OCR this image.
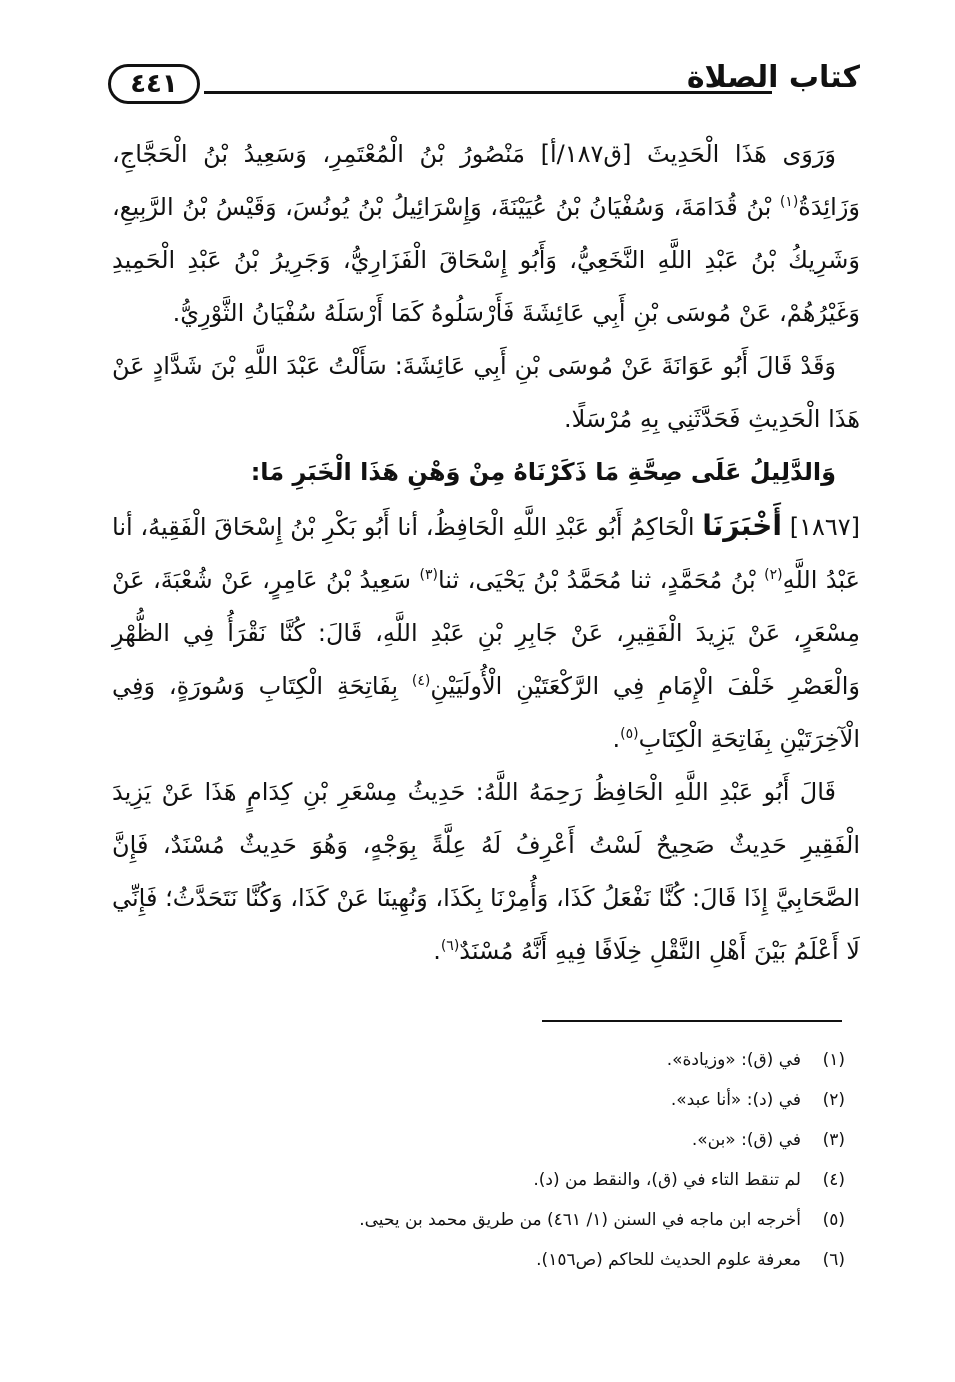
٤٤١	كتاب الصلاة

وَرَوَى هَذَا الْحَدِيثَ [ق١٨٧/أ] مَنْصُورُ بْنُ الْمُعْتَمِرِ، وَسَعِيدُ بْنُ الْحَجَّاجِ، وَزَائِدَةُ$^{(١)}$ بْنُ قُدَامَةَ، وَسُفْيَانُ بْنُ عُيَيْنَةَ، وَإِسْرَائِيلُ بْنُ يُونُسَ، وَقَيْسُ بْنُ الرَّبِيعِ، وَشَرِيكُ بْنُ عَبْدِ اللَّهِ النَّخَعِيُّ، وَأَبُو إِسْحَاقَ الْفَزَارِيُّ، وَجَرِيرُ بْنُ عَبْدِ الْحَمِيدِ وَغَيْرُهُمْ، عَنْ مُوسَى بْنِ أَبِي عَائِشَةَ فَأَرْسَلُوهُ كَمَا أَرْسَلَهُ سُفْيَانُ الثَّوْرِيُّ.

وَقَدْ قَالَ أَبُو عَوَانَةَ عَنْ مُوسَى بْنِ أَبِي عَائِشَةَ: سَأَلْتُ عَبْدَ اللَّهِ بْنَ شَدَّادٍ عَنْ هَذَا الْحَدِيثِ فَحَدَّثَنِي بِهِ مُرْسَلًا.

وَالدَّلِيلُ عَلَى صِحَّةِ مَا ذَكَرْنَاهُ مِنْ وَهْنِ هَذَا الْخَبَرِ مَا:

[١٨٦٧] أَخْبَرَنَا الْحَاكِمُ أَبُو عَبْدِ اللَّهِ الْحَافِظُ، أنا أَبُو بَكْرِ بْنُ إِسْحَاقَ الْفَقِيهُ، أنا عَبْدُ اللَّهِ$^{(٢)}$ بْنُ مُحَمَّدٍ، ثنا مُحَمَّدُ بْنُ يَحْيَى، ثنا$^{(٣)}$ سَعِيدُ بْنُ عَامِرٍ، عَنْ شُعْبَةَ، عَنْ مِسْعَرٍ، عَنْ يَزِيدَ الْفَقِيرِ، عَنْ جَابِرِ بْنِ عَبْدِ اللَّهِ، قَالَ: كُنَّا نَقْرَأُ فِي الظُّهْرِ وَالْعَصْرِ خَلْفَ الْإِمَامِ فِي الرَّكْعَتَيْنِ الْأُولَيَيْنِ$^{(٤)}$ بِفَاتِحَةِ الْكِتَابِ وَسُورَةٍ، وَفِي الْآخِرَتَيْنِ بِفَاتِحَةِ الْكِتَابِ$^{(٥)}$.

قَالَ أَبُو عَبْدِ اللَّهِ الْحَافِظُ رَحِمَهُ اللَّهُ: حَدِيثُ مِسْعَرِ بْنِ كِدَامٍ هَذَا عَنْ يَزِيدَ الْفَقِيرِ حَدِيثٌ صَحِيحٌ لَسْتُ أَعْرِفُ لَهُ عِلَّةً بِوَجْهٍ، وَهُوَ حَدِيثٌ مُسْنَدٌ، فَإِنَّ الصَّحَابِيَّ إِذَا قَالَ: كُنَّا نَفْعَلُ كَذَا، وَأُمِرْنَا بِكَذَا، وَنُهِينَا عَنْ كَذَا، وَكُنَّا نَتَحَدَّثُ؛ فَإِنِّي لَا أَعْلَمُ بَيْنَ أَهْلِ النَّقْلِ خِلَافًا فِيهِ أَنَّهُ مُسْنَدٌ$^{(٦)}$.

(١)
في (ق): «وزيادة».
(٢)
في (د): «أنا عبد».
(٣)
في (ق): «بن».
(٤)
لم تنقط التاء في (ق)، والنقط من (د).
(٥)
أخرجه ابن ماجه في السنن (١/ ٤٦١) من طريق محمد بن يحيى.
(٦)
معرفة علوم الحديث للحاكم (ص١٥٦).
